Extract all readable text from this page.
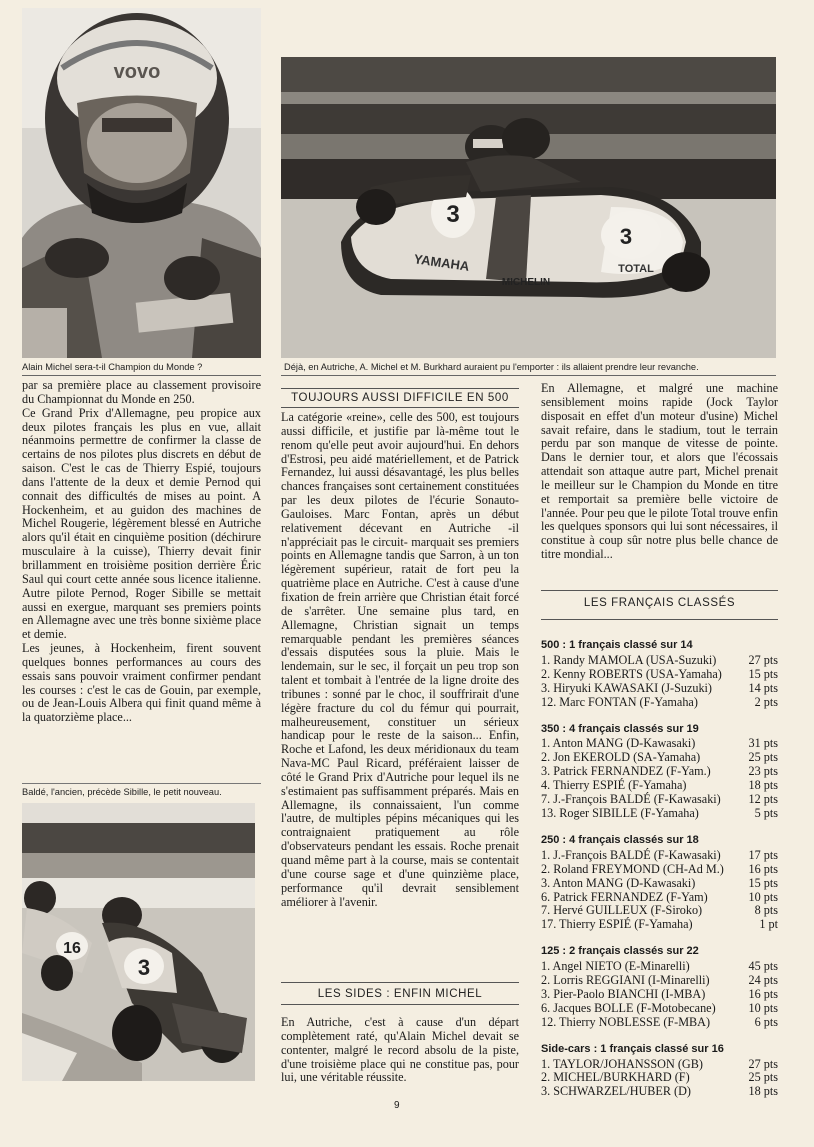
vovo
Alain Michel sera-t-il Champion du Monde ?
3
3
YAMAHA	TOTAL
MICHELIN
Déjà, en Autriche, A. Michel et M. Burkhard auraient pu l'emporter : ils allaient prendre leur revanche.

par sa première place au classement provisoire du Championnat du Monde en 250.

Ce Grand Prix d'Allemagne, peu propice aux deux pilotes français les plus en vue, allait néanmoins permettre de confirmer la classe de certains de nos pilotes plus discrets en début de saison. C'est le cas de Thierry Espié, toujours dans l'attente de la deux et demie Pernod qui connait des difficultés de mises au point. A Hockenheim, et au guidon des machines de Michel Rougerie, légèrement blessé en Autriche alors qu'il était en cinquième position (déchirure musculaire à la cuisse), Thierry devait finir brillamment en troisième position derrière Éric Saul qui court cette année sous licence italienne. Autre pilote Pernod, Roger Sibille se mettait aussi en exergue, marquant ses premiers points en Allemagne avec une très bonne sixième place et demie.

Les jeunes, à Hockenheim, firent souvent quelques bonnes performances au cours des essais sans pouvoir vraiment confirmer pendant les courses : c'est le cas de Gouin, par exemple, ou de Jean-Louis Albera qui finit quand même à la quatorzième place...

Baldé, l'ancien, précède Sibille, le petit nouveau.
16
3
TOUJOURS AUSSI DIFFICILE EN 500

La catégorie «reine», celle des 500, est toujours aussi difficile, et justifie par là-même tout le renom qu'elle peut avoir aujourd'hui. En dehors d'Estrosi, peu aidé matériellement, et de Patrick Fernandez, lui aussi désavantagé, les plus belles chances françaises sont certainement constituées par les deux pilotes de l'écurie Sonauto-Gauloises. Marc Fontan, après un début relativement décevant en Autriche -il n'appréciait pas le circuit- marquait ses premiers points en Allemagne tandis que Sarron, à un ton légèrement supérieur, ratait de fort peu la quatrième place en Autriche. C'est à cause d'une fixation de frein arrière que Christian était forcé de s'arrêter. Une semaine plus tard, en Allemagne, Christian signait un temps remarquable pendant les premières séances d'essais disputées sous la pluie. Mais le lendemain, sur le sec, il forçait un peu trop son talent et tombait à l'entrée de la ligne droite des tribunes : sonné par le choc, il souffrirait d'une légère fracture du col du fémur qui pourrait, malheureusement, constituer un sérieux handicap pour le reste de la saison... Enfin, Roche et Lafond, les deux méridionaux du team Nava-MC Paul Ricard, préféraient laisser de côté le Grand Prix d'Autriche pour lequel ils ne s'estimaient pas suffisamment préparés. Mais en Allemagne, ils connaissaient, l'un comme l'autre, de multiples pépins mécaniques qui les contraignaient pratiquement au rôle d'observateurs pendant les essais. Roche prenait quand même part à la course, mais se contentait d'une course sage et d'une quinzième place, performance qu'il devrait sensiblement améliorer à l'avenir.

LES SIDES : ENFIN MICHEL

En Autriche, c'est à cause d'un départ complètement raté, qu'Alain Michel devait se contenter, malgré le record absolu de la piste, d'une troisième place qui ne constitue pas, pour lui, une véritable réussite.

En Allemagne, et malgré une machine sensiblement moins rapide (Jock Taylor disposait en effet d'un moteur d'usine) Michel savait refaire, dans le stadium, tout le terrain perdu par son manque de vitesse de pointe. Dans le dernier tour, et alors que l'écossais attendait son attaque autre part, Michel prenait le meilleur sur le Champion du Monde en titre et remportait sa première belle victoire de l'année. Pour peu que le pilote Total trouve enfin les quelques sponsors qui lui sont nécessaires, il constitue à coup sûr notre plus belle chance de titre mondial...

LES FRANÇAIS CLASSÉS
500 : 1 français classé sur 14
1. Randy MAMOLA (USA-Suzuki)	27 pts
2. Kenny ROBERTS (USA-Yamaha) 15 pts
3. Hiryuki KAWASAKI (J-Suzuki)	14 pts
12. Marc FONTAN (F-Yamaha)	2 pts
350 : 4 français classés sur 19
1. Anton MANG (D-Kawasaki)	31 pts
2. Jon EKEROLD (SA-Yamaha)	25 pts
3. Patrick FERNANDEZ (F-Yam.)	23 pts
4. Thierry ESPIÉ (F-Yamaha)	18 pts
7. J.-François BALDÉ (F-Kawasaki) 12 pts
13. Roger SIBILLE (F-Yamaha)	5 pts
250 : 4 français classés sur 18
1. J.-François BALDÉ (F-Kawasaki) 17 pts
2. Roland FREYMOND (CH-Ad M.) 16 pts
3. Anton MANG (D-Kawasaki)	15 pts
6. Patrick FERNANDEZ (F-Yam)	10 pts
7. Hervé GUILLEUX (F-Siroko)	8 pts
17. Thierry ESPIÉ (F-Yamaha)	1 pt
125 : 2 français classés sur 22
1. Angel NIETO (E-Minarelli)	45 pts
2. Lorris REGGIANI (I-Minarelli)	24 pts
3. Pier-Paolo BIANCHI (I-MBA)	16 pts
6. Jacques BOLLE (F-Motobecane)	10 pts
12. Thierry NOBLESSE (F-MBA)	6 pts
Side-cars : 1 français classé sur 16
1. TAYLOR/JOHANSSON (GB)	27 pts
2. MICHEL/BURKHARD (F)	25 pts
3. SCHWARZEL/HUBER (D)	18 pts
9
